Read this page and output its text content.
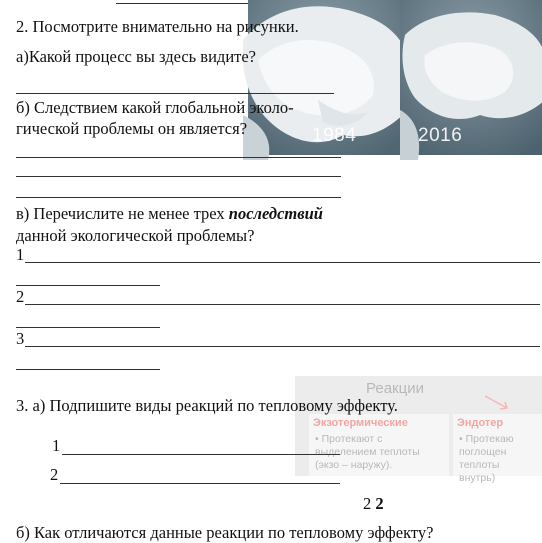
1984	2016
2. Посмотрите внимательно на рисунки.
а)Какой процесс вы здесь видите?
б) Следствием какой глобальной эколо-
гической проблемы он является?
в) Перечислите не менее трех последствий
данной экологической проблемы?
1
2
3
Реакции
Экзотермические
• Протекают с
выделением теплоты
(экзо – наружу).
Эндотер
• Протекаю
поглощен
теплоты
внутрь)
3. а) Подпишите виды реакций по тепловому эффекту.
1
2
2 2
б) Как отличаются данные реакции по тепловому эффекту?
